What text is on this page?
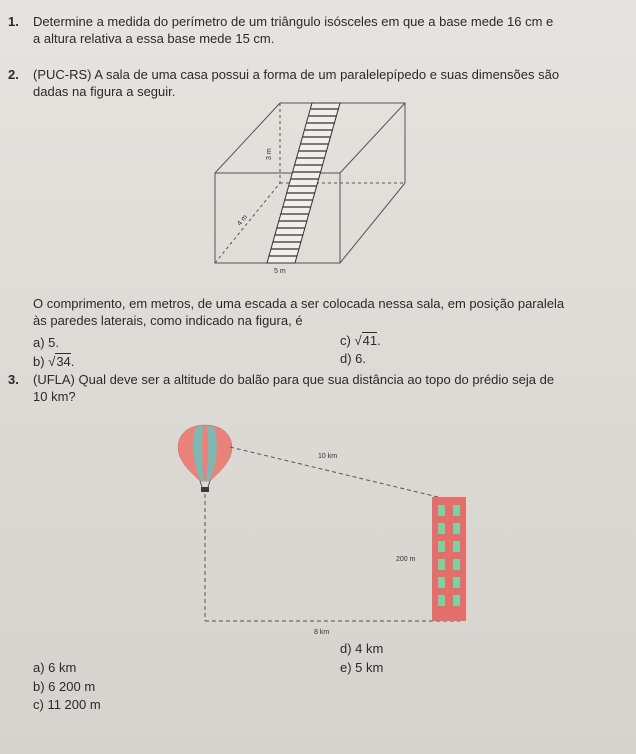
1. Determine a medida do perímetro de um triângulo isósceles em que a base mede 16 cm e
a altura relativa a essa base mede 15 cm.
2. (PUC-RS) A sala de uma casa possui a forma de um paralelepípedo e suas dimensões são
dadas na figura a seguir.
3 m
4 m
5 m
O comprimento, em metros, de uma escada a ser colocada nessa sala, em posição paralela
às paredes laterais, como indicado na figura, é
a) 5.
b) √34.
c) √41.
d) 6.
3. (UFLA) Qual deve ser a altitude do balão para que sua distância ao topo do prédio seja de
10 km?
10 km
200 m
8 km
a) 6 km
b) 6 200 m
c) 11 200 m
d) 4 km
e) 5 km
